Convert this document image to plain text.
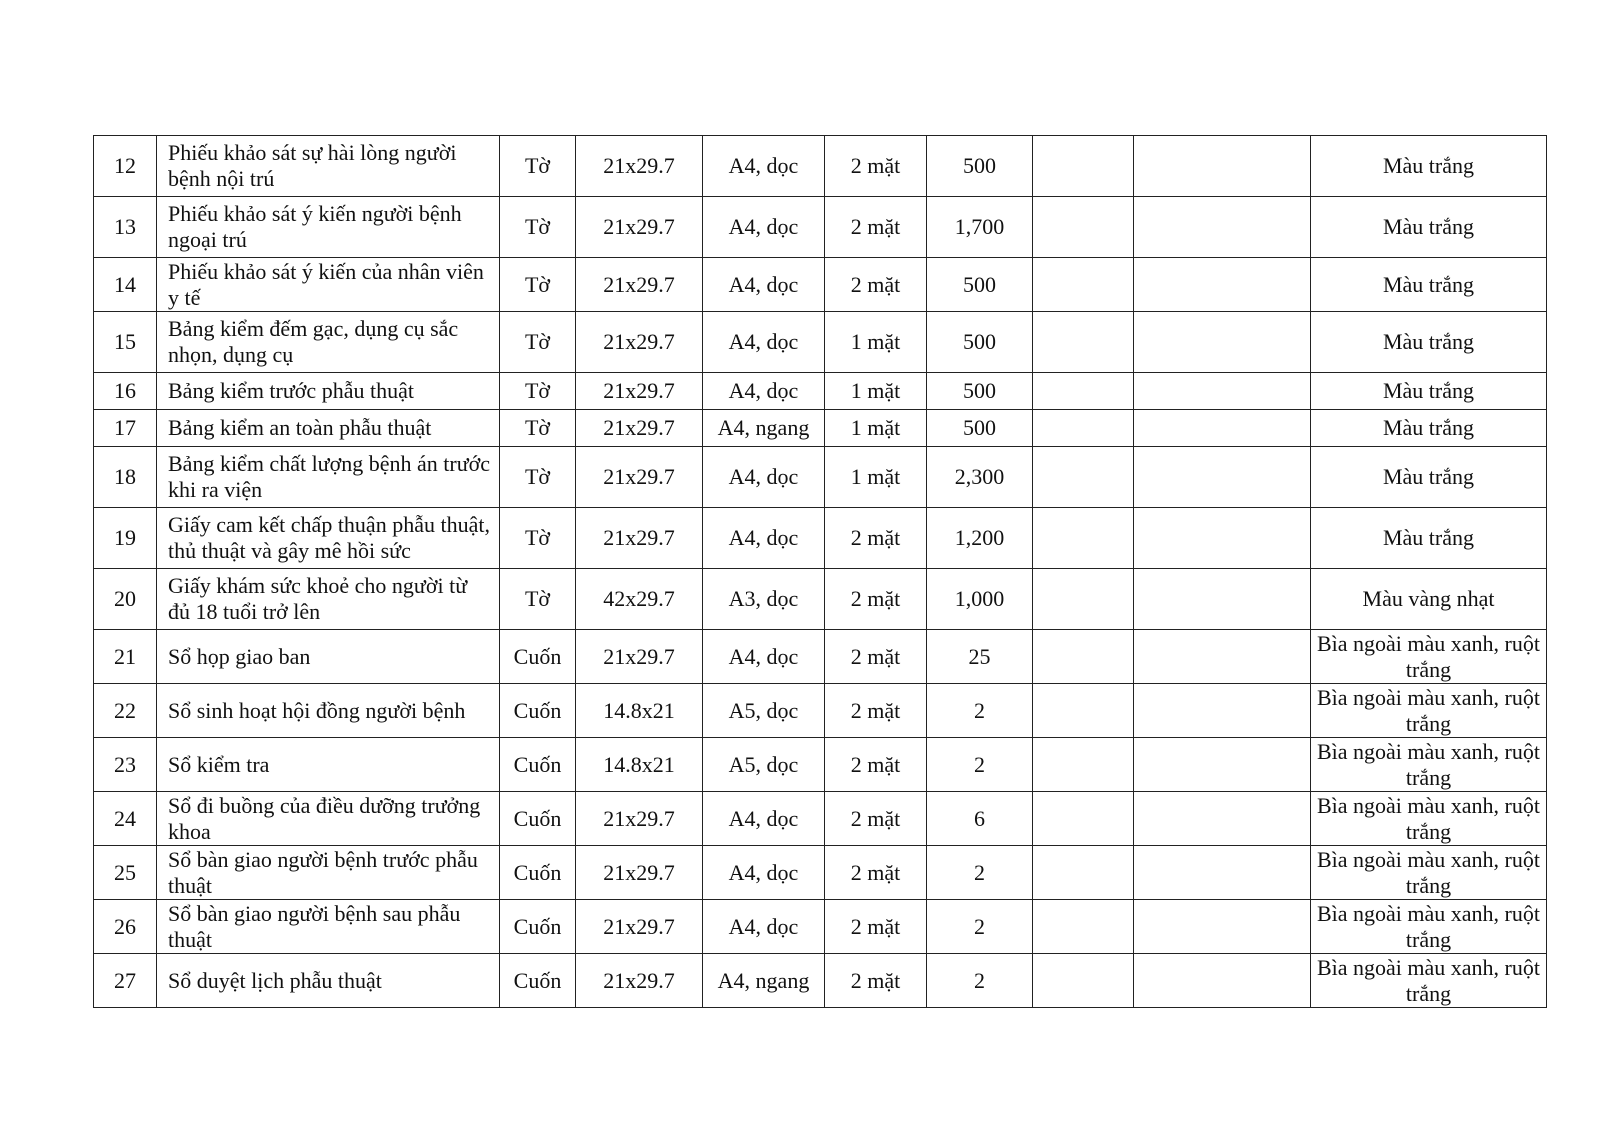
12	Phiếu khảo sát sự hài lòng người bệnh nội trú	Tờ	21x29.7	A4, dọc	2 mặt	500			Màu trắng
13	Phiếu khảo sát ý kiến người bệnh ngoại trú	Tờ	21x29.7	A4, dọc	2 mặt	1,700			Màu trắng
14	Phiếu khảo sát ý kiến của nhân viên y tế	Tờ	21x29.7	A4, dọc	2 mặt	500			Màu trắng
15	Bảng kiểm đếm gạc, dụng cụ sắc nhọn, dụng cụ	Tờ	21x29.7	A4, dọc	1 mặt	500			Màu trắng
16	Bảng kiểm trước phẫu thuật	Tờ	21x29.7	A4, dọc	1 mặt	500			Màu trắng
17	Bảng kiểm an toàn phẫu thuật	Tờ	21x29.7	A4, ngang	1 mặt	500			Màu trắng
18	Bảng kiểm chất lượng bệnh án trước khi ra viện	Tờ	21x29.7	A4, dọc	1 mặt	2,300			Màu trắng
19	Giấy cam kết chấp thuận phẫu thuật, thủ thuật và gây mê hồi sức	Tờ	21x29.7	A4, dọc	2 mặt	1,200			Màu trắng
20	Giấy khám sức khoẻ cho người từ đủ 18 tuổi trở lên	Tờ	42x29.7	A3, dọc	2 mặt	1,000			Màu vàng nhạt
21	Sổ họp giao ban	Cuốn	21x29.7	A4, dọc	2 mặt	25			Bìa ngoài màu xanh, ruột trắng
22	Sổ sinh hoạt hội đồng người bệnh	Cuốn	14.8x21	A5, dọc	2 mặt	2			Bìa ngoài màu xanh, ruột trắng
23	Sổ kiểm tra	Cuốn	14.8x21	A5, dọc	2 mặt	2			Bìa ngoài màu xanh, ruột trắng
24	Sổ đi buồng của điều dưỡng trưởng khoa	Cuốn	21x29.7	A4, dọc	2 mặt	6			Bìa ngoài màu xanh, ruột trắng
25	Sổ bàn giao người bệnh trước phẫu thuật	Cuốn	21x29.7	A4, dọc	2 mặt	2			Bìa ngoài màu xanh, ruột trắng
26	Sổ bàn giao người bệnh sau phẫu thuật	Cuốn	21x29.7	A4, dọc	2 mặt	2			Bìa ngoài màu xanh, ruột trắng
27	Sổ duyệt lịch phẫu thuật	Cuốn	21x29.7	A4, ngang	2 mặt	2			Bìa ngoài màu xanh, ruột trắng
